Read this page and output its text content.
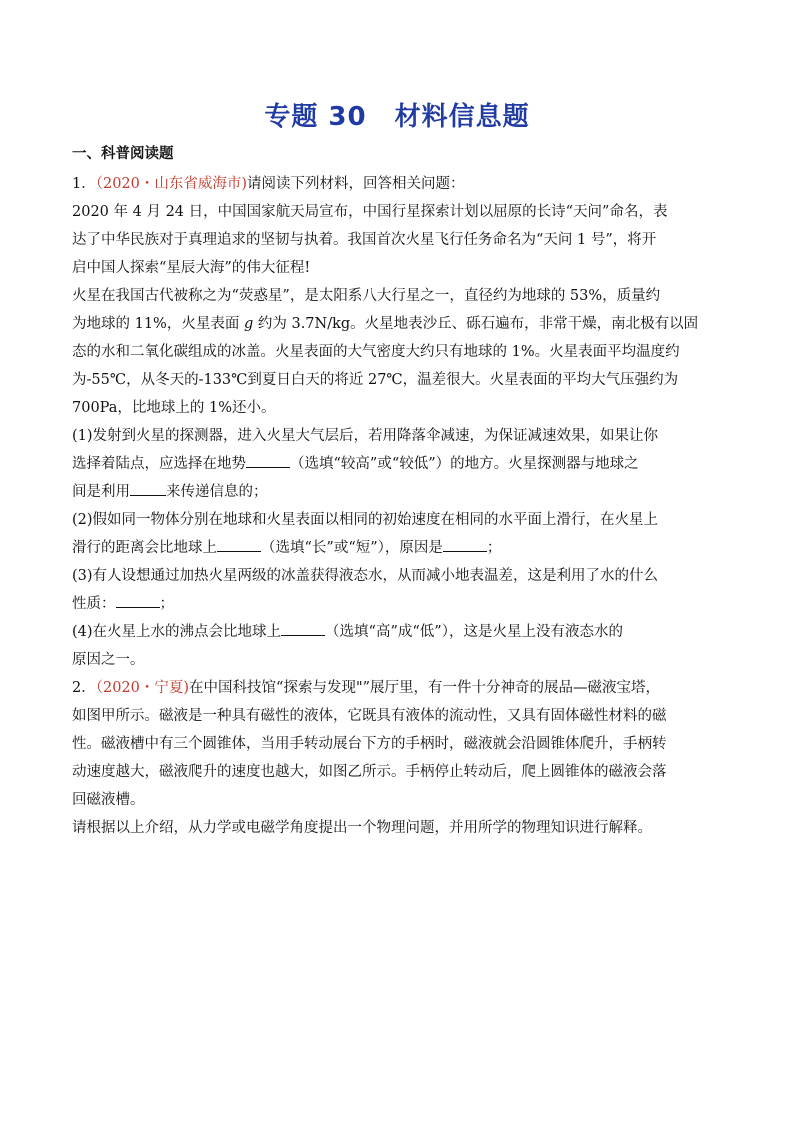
专题 30 材料信息题
一、科普阅读题
1．（2020・山东省威海市)请阅读下列材料，回答相关问题：
2020 年 4 月 24 日，中国国家航天局宣布，中国行星探索计划以屈原的长诗“天问”命名，表
达了中华民族对于真理追求的坚韧与执着。我国首次火星飞行任务命名为“天问 1 号”，将开
启中国人探索“星辰大海”的伟大征程!
火星在我国古代被称之为“荧惑星”，是太阳系八大行星之一，直径约为地球的 53%，质量约
为地球的 11%，火星表面 g 约为 3.7N/kg。火星地表沙丘、砾石遍布，非常干燥，南北极有以固
态的水和二氧化碳组成的冰盖。火星表面的大气密度大约只有地球的 1%。火星表面平均温度约
为-55℃，从冬天的-133℃到夏日白天的将近 27℃，温差很大。火星表面的平均大气压强约为
700Pa，比地球上的 1%还小。
(1)发射到火星的探测器，进入火星大气层后，若用降落伞减速，为保证减速效果，如果让你
选择着陆点，应选择在地势	（选填“较高”或“较低”）的地方。火星探测器与地球之
间是利用 来传递信息的；
(2)假如同一物体分别在地球和火星表面以相同的初始速度在相同的水平面上滑行，在火星上
滑行的距离会比地球上	（选填“长”或“短”），原因是	；
(3)有人设想通过加热火星两级的冰盖获得液态水，从而减小地表温差，这是利用了水的什么
性质：	；
(4)在火星上水的沸点会比地球上	（选填“高”成“低”），这是火星上没有液态水的
原因之一。
2．（2020・宁夏)在中国科技馆“探索与发现"”展厅里，有一件十分神奇的展品—磁液宝塔，
如图甲所示。磁液是一种具有磁性的液体，它既具有液体的流动性，又具有固体磁性材料的磁
性。磁液槽中有三个圆锥体，当用手转动展台下方的手柄时，磁液就会沿圆锥体爬升，手柄转
动速度越大，磁液爬升的速度也越大，如图乙所示。手柄停止转动后，爬上圆锥体的磁液会落
回磁液槽。
请根据以上介绍，从力学或电磁学角度提出一个物理问题，并用所学的物理知识进行解释。
